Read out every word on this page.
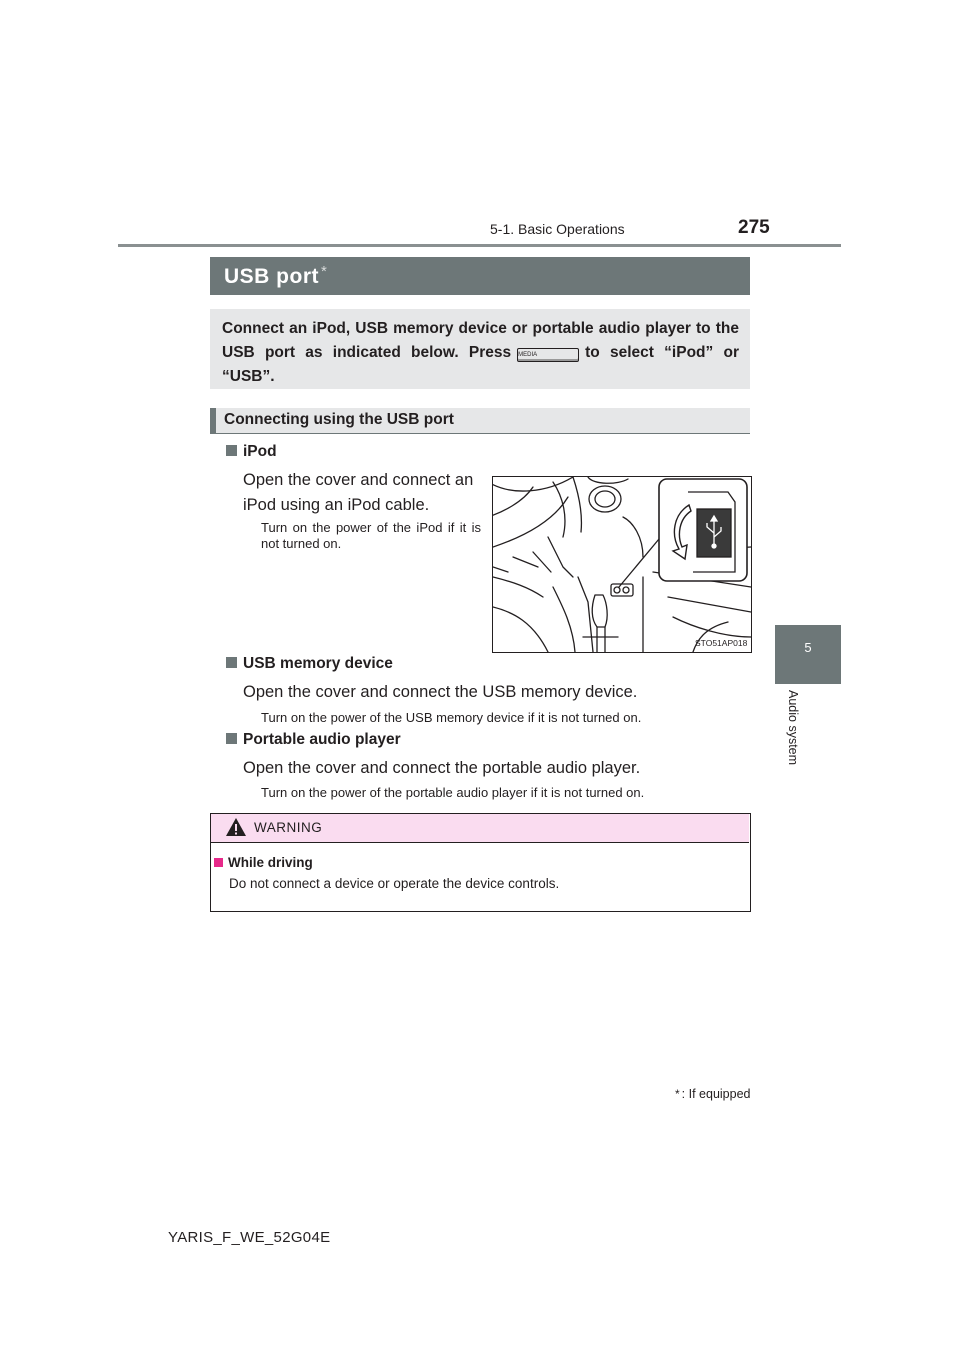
5-1. Basic Operations	275
5
Audio system
USB port *
Connect an iPod, USB memory device or portable audio player to the USB port as indicated below. Press MEDIA	to select “iPod” or “USB”.
Connecting using the USB port
iPod
Open the cover and connect an iPod using an iPod cable.
Turn on the power of the iPod if it is not turned on.
STO51AP018
USB memory device
Open the cover and connect the USB memory device.
Turn on the power of the USB memory device if it is not turned on.
Portable audio player
Open the cover and connect the portable audio player.
Turn on the power of the portable audio player if it is not turned on.
WARNING
While driving
Do not connect a device or operate the device controls.
* : If equipped
YARIS_F_WE_52G04E
